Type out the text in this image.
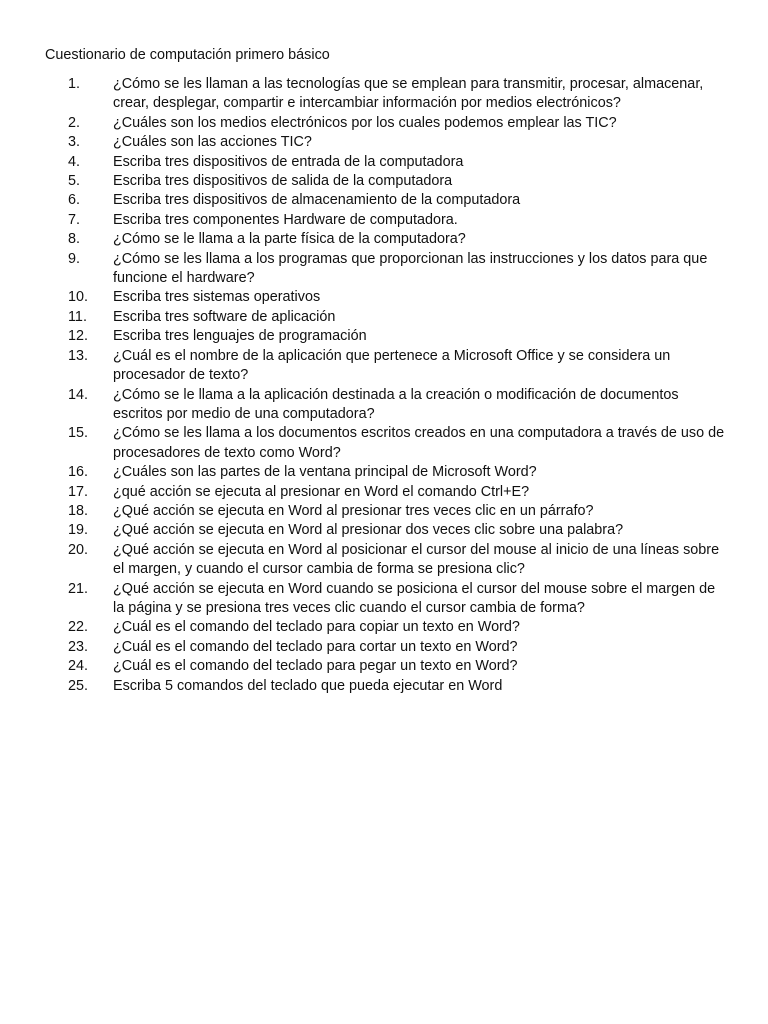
Cuestionario de computación primero básico
1. ¿Cómo se les llaman a las tecnologías que se emplean para transmitir, procesar, almacenar, crear, desplegar, compartir e intercambiar información por medios electrónicos?
2. ¿Cuáles son los medios electrónicos por los cuales podemos emplear las TIC?
3. ¿Cuáles son las acciones TIC?
4. Escriba tres dispositivos de entrada de la computadora
5. Escriba tres dispositivos de salida de la computadora
6. Escriba tres dispositivos de almacenamiento de la computadora
7. Escriba tres componentes Hardware de computadora.
8. ¿Cómo se le llama a la parte física de la computadora?
9. ¿Cómo se les llama a los programas que proporcionan las instrucciones y los datos para que funcione el hardware?
10. Escriba tres sistemas operativos
11. Escriba tres software de aplicación
12. Escriba tres lenguajes de programación
13. ¿Cuál es el nombre de la aplicación que pertenece a Microsoft Office y se considera un procesador de texto?
14. ¿Cómo se le llama a la aplicación destinada a la creación o modificación de documentos escritos por medio de una computadora?
15. ¿Cómo se les llama a los documentos escritos creados en una computadora a través de uso de procesadores de texto como Word?
16. ¿Cuáles son las partes de la ventana principal de Microsoft Word?
17. ¿qué acción se ejecuta al presionar en Word el comando Ctrl+E?
18. ¿Qué acción se ejecuta en Word al presionar tres veces clic en un párrafo?
19. ¿Qué acción se ejecuta en Word al presionar dos veces clic sobre una palabra?
20. ¿Qué acción se ejecuta en Word al posicionar el cursor del mouse al inicio de una líneas sobre el margen, y cuando el cursor cambia de forma se presiona clic?
21. ¿Qué acción se ejecuta en Word cuando se posiciona el cursor del mouse sobre el margen de la página y se presiona tres veces clic cuando el cursor cambia de forma?
22. ¿Cuál es el comando del teclado para copiar un texto en Word?
23. ¿Cuál es el comando del teclado para cortar un texto en Word?
24. ¿Cuál es el comando del teclado para pegar un texto en Word?
25. Escriba 5 comandos del teclado que pueda ejecutar en Word
